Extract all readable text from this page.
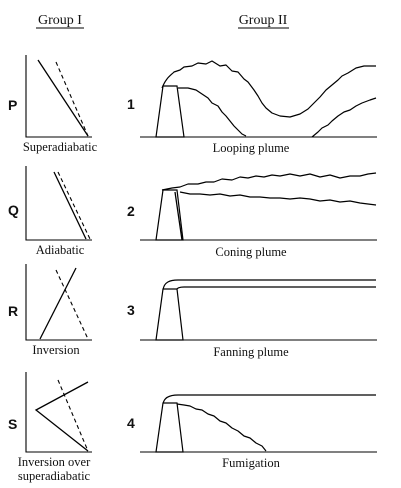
Group I	Group II
P
Superadiabatic
1
Looping plume
Q
Adiabatic
2
Coning plume
R
Inversion
3
Fanning plume
S
Inversion over
superadiabatic
4
Fumigation
